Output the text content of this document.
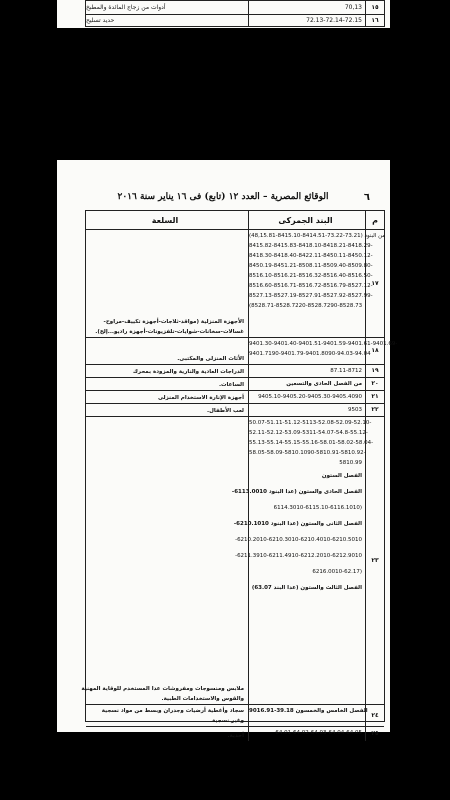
١٥
70,13
أدوات من زجاج المائدة والمطبخ
١٦
72.13-72.14-72.15
حديد تسليح
٦
الوقائع المصرية – العدد ١٢ (تابع) فى ١٦ يناير سنة ٢٠١٦
م
البند الجمركى
السلعة
١٧
من البنود (73.21-73.22-8414.51-8415.10-48,15.81)
8415.82-8415.83-8418.10-8418.21-8418.29-
8418.30-8418.40-8422.11-8450.11-8450.12-
8450.19-8451.21-8508.11-8509.40-8509.80-
8516.10-8516.21-8516.32-8516.40-8516.50-
8516.60-8516.71-8516.72-8516.79-8527.12-
8527.13-8527.19-8527.91-8527.92-8527.99-
(8528.71-8528.7220-8528.7290-8528.73
الأجهزة المنزلية (مواقد-ثلاجات-أجهزة تكييف-مراوح-
غسالات-سخانات-شوايات-تلفزيونات-أجهزة راديو...إلخ).
١٨
9401.30-9401.40-9401.51-9401.59-9401.61-9401.69-
9401.7190-9401.79-9401.8090-94.03-94.04
الأثاث المنزلى والمكتبى.
١٩
87.11-8712
الدراجات العادية والنارية والمزودة بمحرك
٢٠
من الفصل الحادى والتسعين
الساعات.
٢١
9405.10-9405.20-9405.30-9405.4090
أجهزة الإنارة الاستخدام المنزلى
٢٢
9503
لعب الأطفال.
٢٣
50.07-51.11-51.12-5113-52.08-52.09-52.10-
52.11-52.12-53.09-5311-54.07-54.8-55.12-
55.13-55.14-55.15-55.16-58.01-58.02-58.04-
58.05-58.09-5810.1090-5810.91-5810.92-
5810.99
الفصل الستون
الفصل الحادى والستون (عدا البنود 6113.0010-
(6114.3010-6115.10-6116.1010
الفصل الثانى والستون (عدا البنود 6210.1010-
6210.2010-6210.3010-6210.4010-6210.5010-
6211.3910-6211.4910-6212.2010-6212.9010-
(6216.0010-62.17
الفصل الثالث والستون (عدا البند 63.07)
ملابس ومنسوجات ومفروشات عدا المستخدم للوقاية المهنية
والقوس والاستخدامات الطبية.
٢٤
الفصل الخامس والخمسون 39.18-9016.91
سجاد وأغطية أرضيات وجدران وبسط من مواد نسجية
وغير نسجية.
٢٥
64.01-64.02-64.03-64.04-64.05
أحذية.
